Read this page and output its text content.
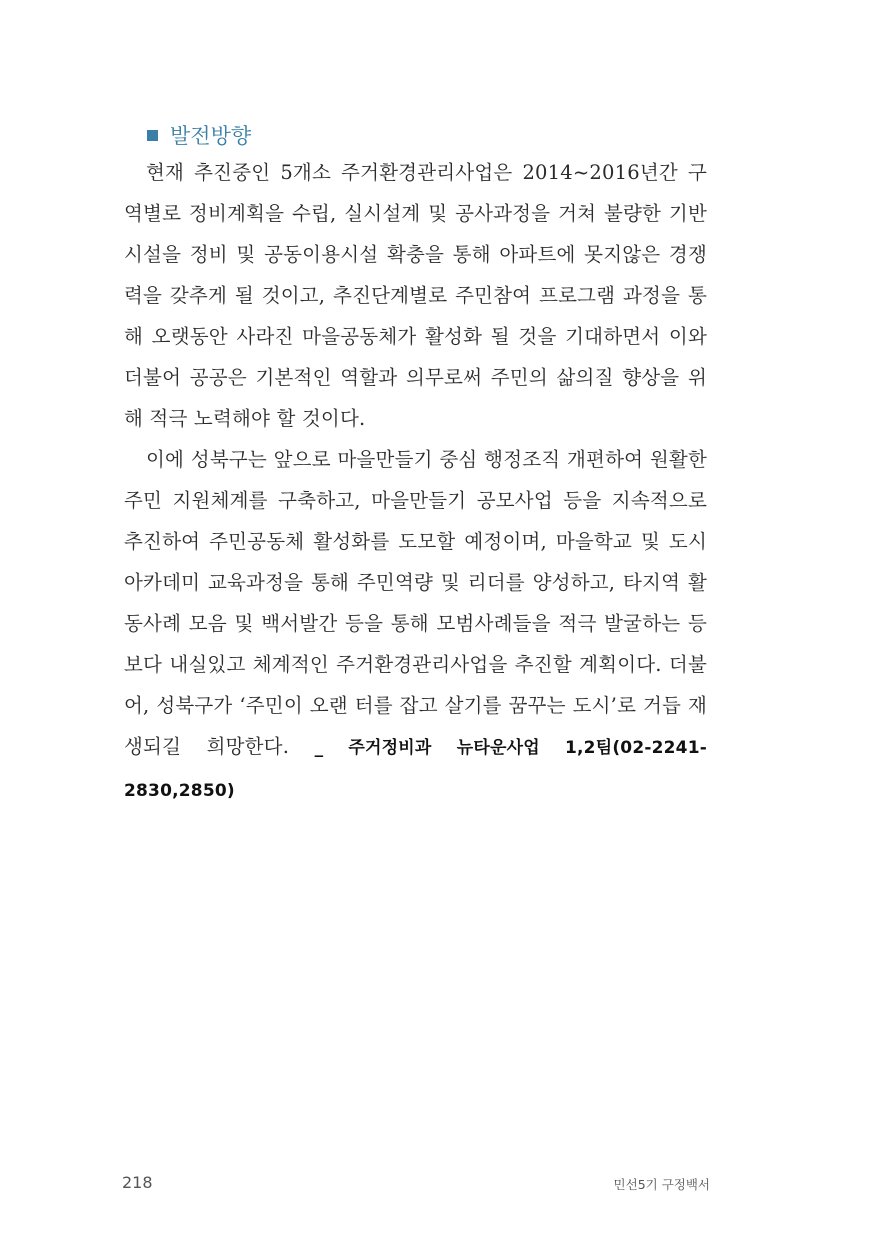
발전방향

현재 추진중인 5개소 주거환경관리사업은 2014~2016년간 구역별로 정비계획을 수립, 실시설계 및 공사과정을 거쳐 불량한 기반시설을 정비 및 공동이용시설 확충을 통해 아파트에 못지않은 경쟁력을 갖추게 될 것이고, 추진단계별로 주민참여 프로그램 과정을 통해 오랫동안 사라진 마을공동체가 활성화 될 것을 기대하면서 이와 더불어 공공은 기본적인 역할과 의무로써 주민의 삶의질 향상을 위해 적극 노력해야 할 것이다.

이에 성북구는 앞으로 마을만들기 중심 행정조직 개편하여 원활한 주민 지원체계를 구축하고, 마을만들기 공모사업 등을 지속적으로 추진하여 주민공동체 활성화를 도모할 예정이며, 마을학교 및 도시아카데미 교육과정을 통해 주민역량 및 리더를 양성하고, 타지역 활동사례 모음 및 백서발간 등을 통해 모범사례들을 적극 발굴하는 등 보다 내실있고 체계적인 주거환경관리사업을 추진할 계획이다. 더불어, 성북구가 ‘주민이 오랜 터를 잡고 살기를 꿈꾸는 도시’로 거듭 재생되길 희망한다. _ 주거정비과 뉴타운사업 1,2팀(02-2241-2830,2850)

218	민선5기 구정백서
